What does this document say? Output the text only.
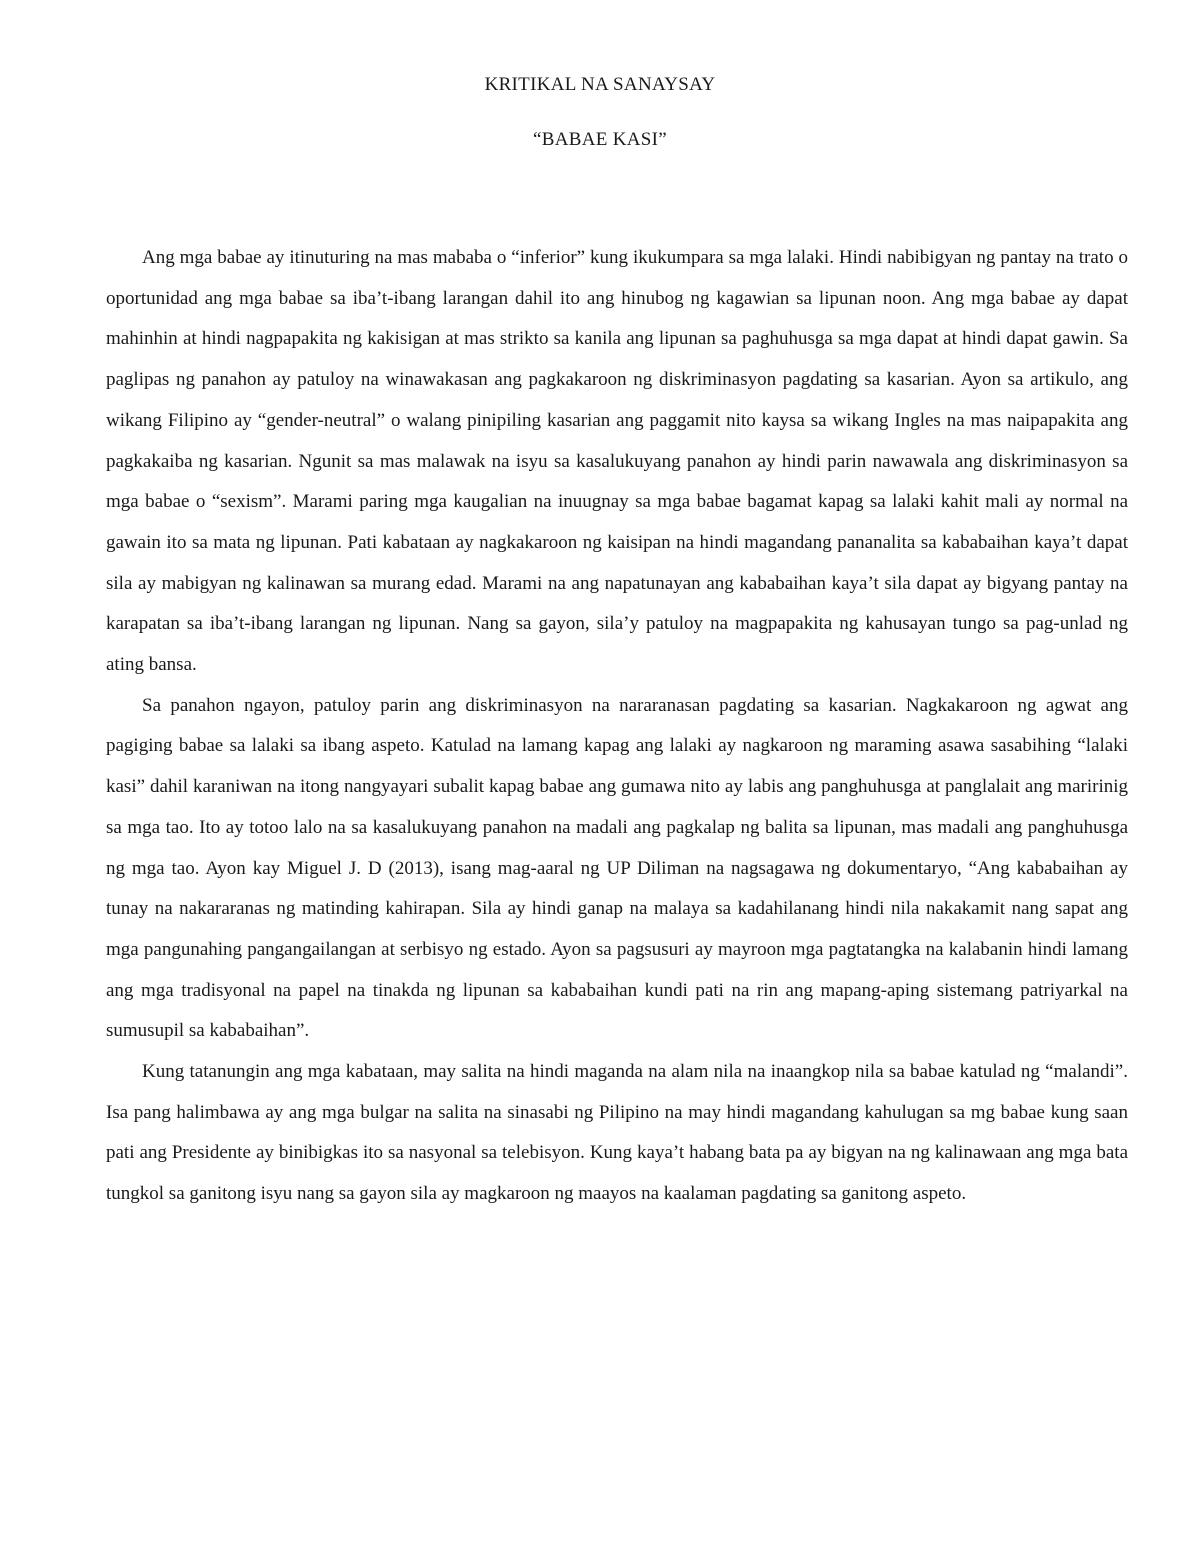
KRITIKAL NA SANAYSAY
“BABAE KASI”

Ang mga babae ay itinuturing na mas mababa o “inferior” kung ikukumpara sa mga lalaki. Hindi nabibigyan ng pantay na trato o oportunidad ang mga babae sa iba’t-ibang larangan dahil ito ang hinubog ng kagawian sa lipunan noon. Ang mga babae ay dapat mahinhin at hindi nagpapakita ng kakisigan at mas strikto sa kanila ang lipunan sa paghuhusga sa mga dapat at hindi dapat gawin. Sa paglipas ng panahon ay patuloy na winawakasan ang pagkakaroon ng diskriminasyon pagdating sa kasarian. Ayon sa artikulo, ang wikang Filipino ay “gender-neutral” o walang pinipiling kasarian ang paggamit nito kaysa sa wikang Ingles na mas naipapakita ang pagkakaiba ng kasarian. Ngunit sa mas malawak na isyu sa kasalukuyang panahon ay hindi parin nawawala ang diskriminasyon sa mga babae o “sexism”. Marami paring mga kaugalian na inuugnay sa mga babae bagamat kapag sa lalaki kahit mali ay normal na gawain ito sa mata ng lipunan. Pati kabataan ay nagkakaroon ng kaisipan na hindi magandang pananalita sa kababaihan kaya’t dapat sila ay mabigyan ng kalinawan sa murang edad. Marami na ang napatunayan ang kababaihan kaya’t sila dapat ay bigyang pantay na karapatan sa iba’t-ibang larangan ng lipunan. Nang sa gayon, sila’y patuloy na magpapakita ng kahusayan tungo sa pag-unlad ng ating bansa.

Sa panahon ngayon, patuloy parin ang diskriminasyon na nararanasan pagdating sa kasarian. Nagkakaroon ng agwat ang pagiging babae sa lalaki sa ibang aspeto. Katulad na lamang kapag ang lalaki ay nagkaroon ng maraming asawa sasabihing “lalaki kasi” dahil karaniwan na itong nangyayari subalit kapag babae ang gumawa nito ay labis ang panghuhusga at panglalait ang maririnig sa mga tao. Ito ay totoo lalo na sa kasalukuyang panahon na madali ang pagkalap ng balita sa lipunan, mas madali ang panghuhusga ng mga tao. Ayon kay Miguel J. D (2013), isang mag-aaral ng UP Diliman na nagsagawa ng dokumentaryo, “Ang kababaihan ay tunay na nakararanas ng matinding kahirapan. Sila ay hindi ganap na malaya sa kadahilanang hindi nila nakakamit nang sapat ang mga pangunahing pangangailangan at serbisyo ng estado. Ayon sa pagsusuri ay mayroon mga pagtatangka na kalabanin hindi lamang ang mga tradisyonal na papel na tinakda ng lipunan sa kababaihan kundi pati na rin ang mapang-aping sistemang patriyarkal na sumusupil sa kababaihan”.

Kung tatanungin ang mga kabataan, may salita na hindi maganda na alam nila na inaangkop nila sa babae katulad ng “malandi”. Isa pang halimbawa ay ang mga bulgar na salita na sinasabi ng Pilipino na may hindi magandang kahulugan sa mg babae kung saan pati ang Presidente ay binibigkas ito sa nasyonal sa telebisyon. Kung kaya’t habang bata pa ay bigyan na ng kalinawaan ang mga bata tungkol sa ganitong isyu nang sa gayon sila ay magkaroon ng maayos na kaalaman pagdating sa ganitong aspeto.
